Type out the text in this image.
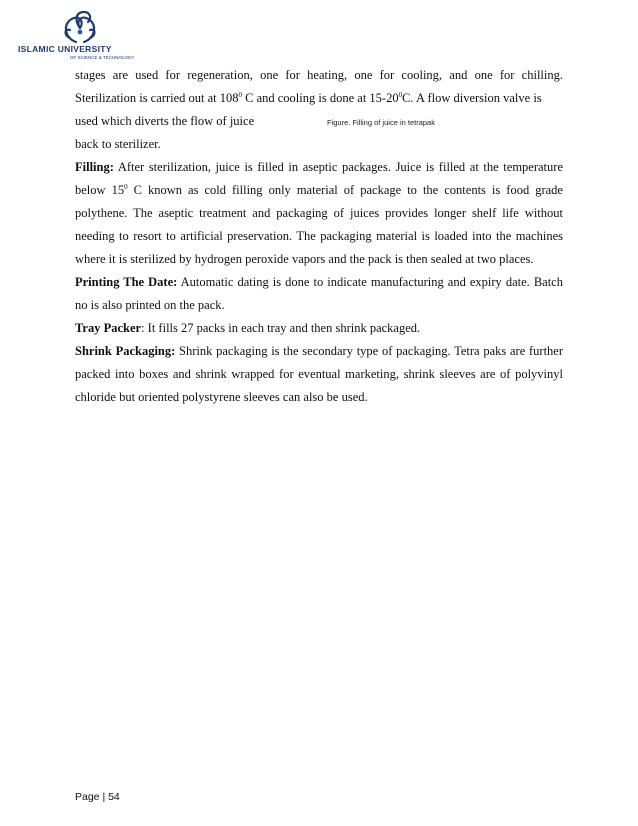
ISLAMIC UNIVERSITY
OF SCIENCE & TECHNOLOGY

stages are used for regeneration, one for heating, one for cooling, and one for chilling. Sterilization is carried out at $108^0$ C and cooling is done at $15-20^0C$. A flow diversion valve is

used which diverts the flow of juice	Figure. Filling of juice in tetrapak

back to sterilizer.

Filling: After sterilization, juice is filled in aseptic packages. Juice is filled at the temperature below $15^0$ C known as cold filling only material of package to the contents is food grade polythene. The aseptic treatment and packaging of juices provides longer shelf life without needing to resort to artificial preservation. The packaging material is loaded into the machines where it is sterilized by hydrogen peroxide vapors and the pack is then sealed at two places.

Printing The Date: Automatic dating is done to indicate manufacturing and expiry date. Batch no is also printed on the pack.

Tray Packer: It fills 27 packs in each tray and then shrink packaged.

Shrink Packaging: Shrink packaging is the secondary type of packaging. Tetra paks are further packed into boxes and shrink wrapped for eventual marketing, shrink sleeves are of polyvinyl chloride but oriented polystyrene sleeves can also be used.

Page | 54
